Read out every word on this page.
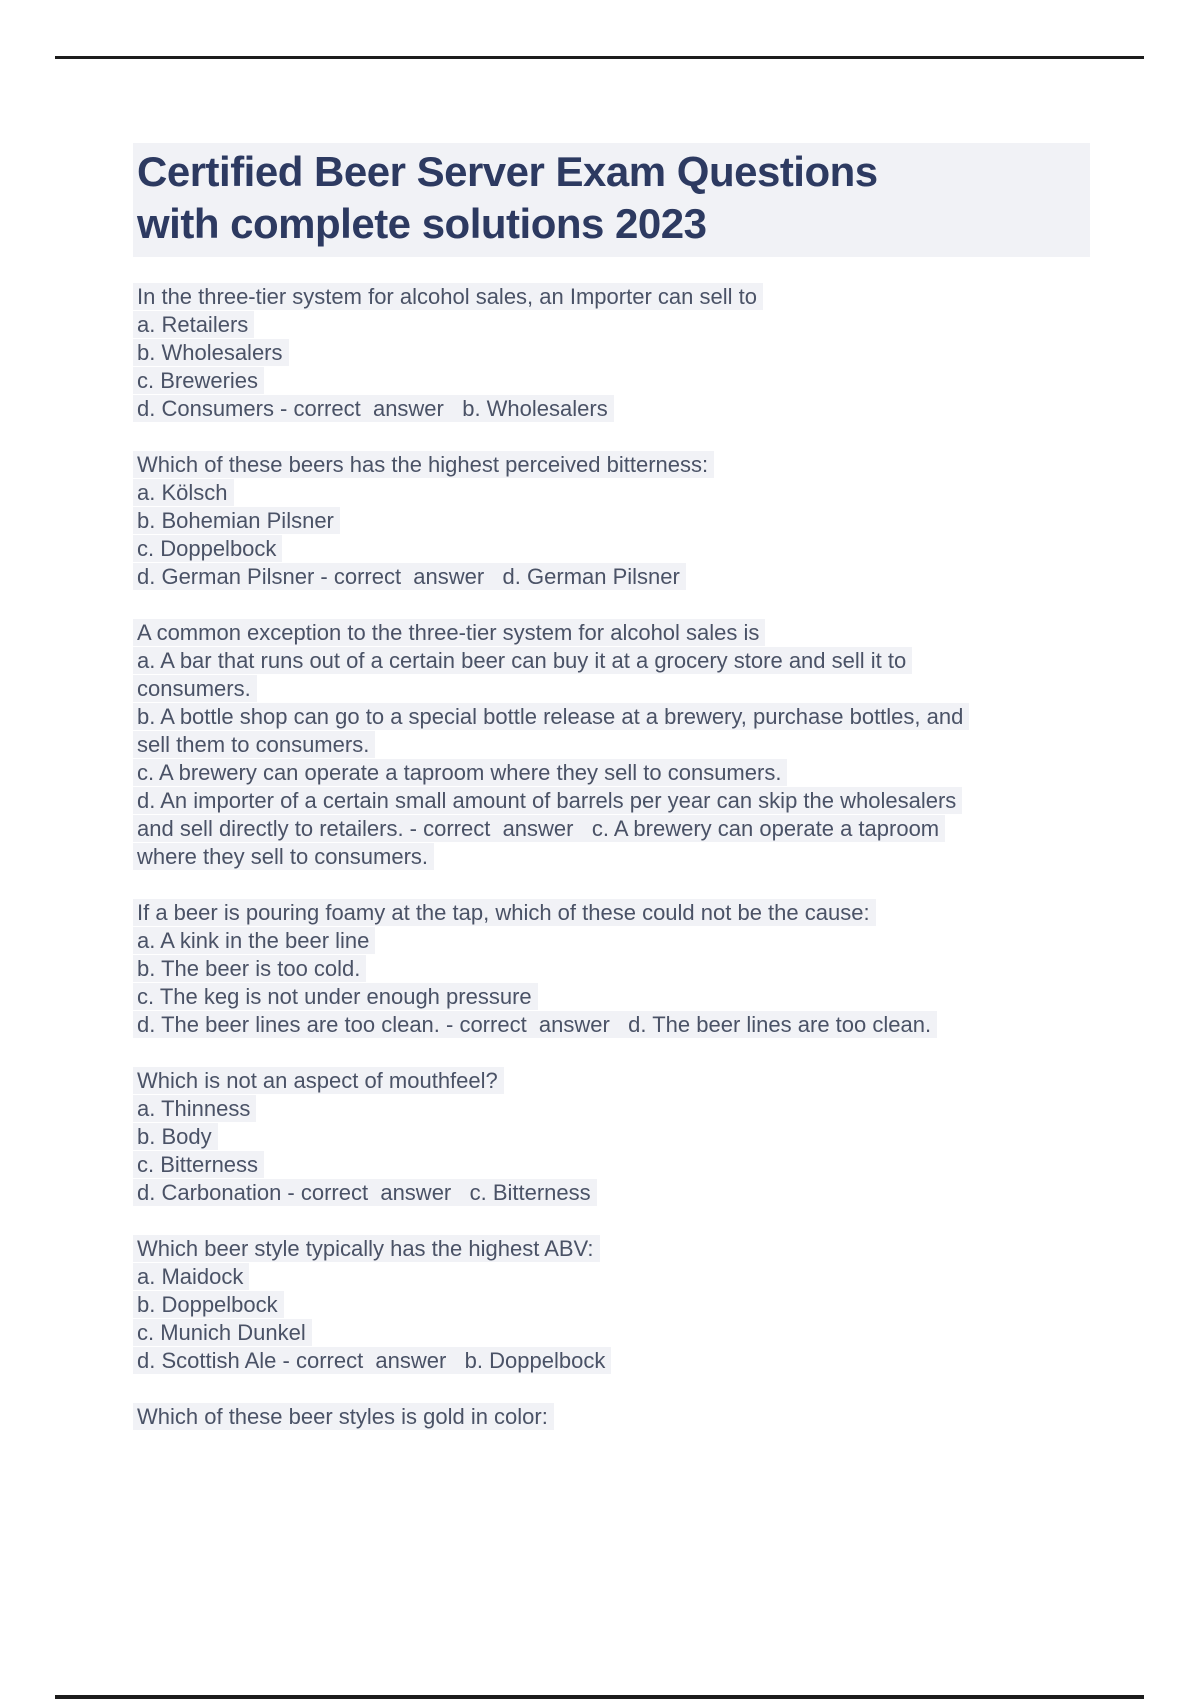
Certified Beer Server Exam Questions
with complete solutions 2023
In the three-tier system for alcohol sales, an Importer can sell to
a. Retailers
b. Wholesalers
c. Breweries
d. Consumers - correct  answer   b. Wholesalers
Which of these beers has the highest perceived bitterness:
a. Kölsch
b. Bohemian Pilsner
c. Doppelbock
d. German Pilsner - correct  answer   d. German Pilsner
A common exception to the three-tier system for alcohol sales is
a. A bar that runs out of a certain beer can buy it at a grocery store and sell it to
consumers.
b. A bottle shop can go to a special bottle release at a brewery, purchase bottles, and
sell them to consumers.
c. A brewery can operate a taproom where they sell to consumers.
d. An importer of a certain small amount of barrels per year can skip the wholesalers
and sell directly to retailers. - correct  answer   c. A brewery can operate a taproom
where they sell to consumers.
If a beer is pouring foamy at the tap, which of these could not be the cause:
a. A kink in the beer line
b. The beer is too cold.
c. The keg is not under enough pressure
d. The beer lines are too clean. - correct  answer   d. The beer lines are too clean.
Which is not an aspect of mouthfeel?
a. Thinness
b. Body
c. Bitterness
d. Carbonation - correct  answer   c. Bitterness
Which beer style typically has the highest ABV:
a. Maidock
b. Doppelbock
c. Munich Dunkel
d. Scottish Ale - correct  answer   b. Doppelbock
Which of these beer styles is gold in color:
